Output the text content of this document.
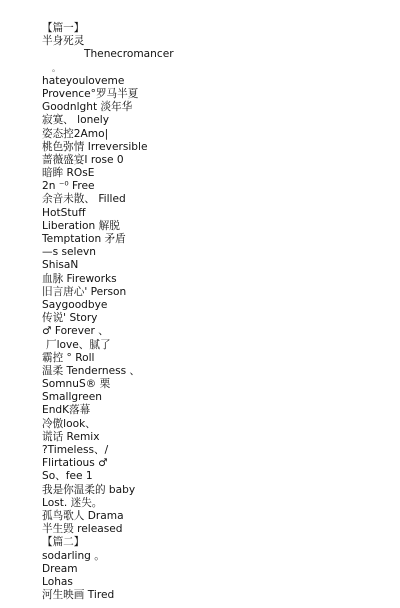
【篇一】
半身死灵
Thenecromancer
。
hateyouloveme
Provence°罗马半夏
Goodnlght 淡年华
寂寞、 lonely
姿态控2Amo|
桃色弥情 Irreversible
蔷薇盛宴I rose 0
暗眸 ROsE
2n ⁻⁰ Free
余音未散、 Filled
HotStuff
Liberation 解脱
Temptation 矛盾
—s selevn
ShisaN
血脉 Fireworks
旧言唐心' Person
Saygoodbye
传说' Story
♂ Forever 、
厂love、腻了
霸控 ° Roll
温柔 Tenderness 、
SomnuS® 栗
Smallgreen
EndK落幕
冷傲look、
谎话 Remix
?Timeless、/
Flirtatious ♂
So、fee 1
我是你温柔的 baby
Lost. 迷失。
孤鸟歌人 Drama
半生毁 released
【篇二】
sodarling 。
Dream
Lohas
河生映画 Tired
